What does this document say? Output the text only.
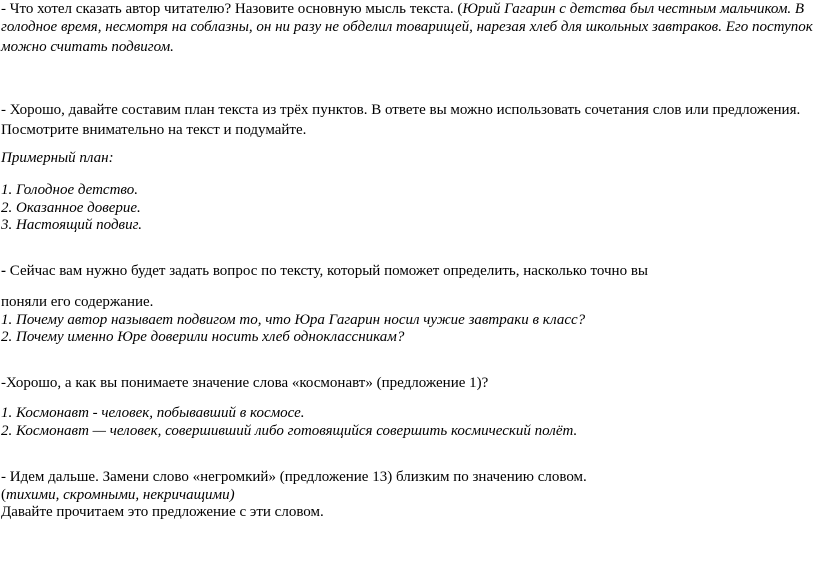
- Что хотел сказать автор читателю? Назовите основную мысль текста. (Юрий Гагарин с детства был честным мальчиком. В
голодное время, несмотря на соблазны, он ни разу не обделил товарищей, нарезая хлеб для школьных завтраков. Его поступок
можно считать подвигом.
- Хорошо, давайте составим план текста из трёх пунктов. В ответе вы можно использовать сочетания слов или предложения.
Посмотрите внимательно на текст и подумайте.
Примерный план:
1. Голодное детство.
2. Оказанное доверие.
3. Настоящий подвиг.
- Сейчас вам нужно будет задать вопрос по тексту, который поможет определить, насколько точно вы
поняли его содержание.
1. Почему автор называет подвигом то, что Юра Гагарин носил чужие завтраки в класс?
2. Почему именно Юре доверили носить хлеб одноклассникам?
-Хорошо, а как вы понимаете значение слова «космонавт» (предложение 1)?
1. Космонавт - человек, побывавший в космосе.
2. Космонавт — человек, совершивший либо готовящийся совершить космический полёт.
- Идем дальше. Замени слово «негромкий» (предложение 13) близким по значению словом.
(тихими, скромными, некричащими)
Давайте прочитаем это предложение с эти словом.
